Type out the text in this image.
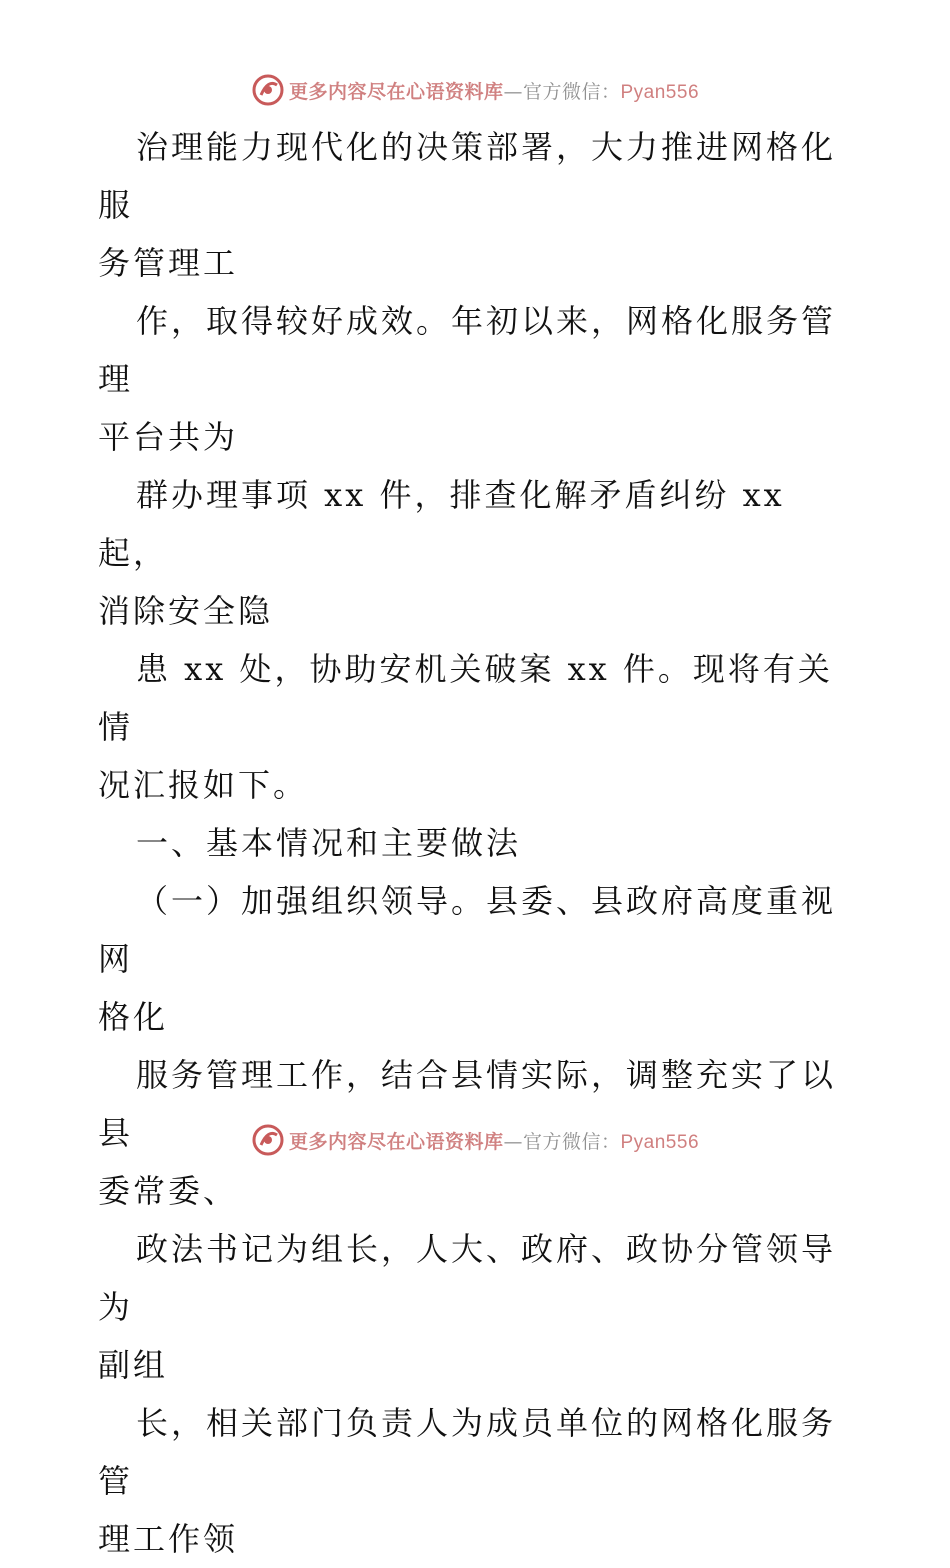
更多内容尽在心语资料库—官方微信：Pyan556

治理能力现代化的决策部署，大力推进网格化服
务管理工

作，取得较好成效。年初以来，网格化服务管理
平台共为

群办理事项 xx 件，排查化解矛盾纠纷 xx 起，
消除安全隐

患 xx 处，协助安机关破案 xx 件。现将有关情
况汇报如下。

一、基本情况和主要做法

（一）加强组织领导。县委、县政府高度重视网
格化

服务管理工作，结合县情实际，调整充实了以县
委常委、

政法书记为组长，人大、政府、政协分管领导为
副组

长，相关部门负责人为成员单位的网格化服务管
理工作领

更多内容尽在心语资料库—官方微信：Pyan556
